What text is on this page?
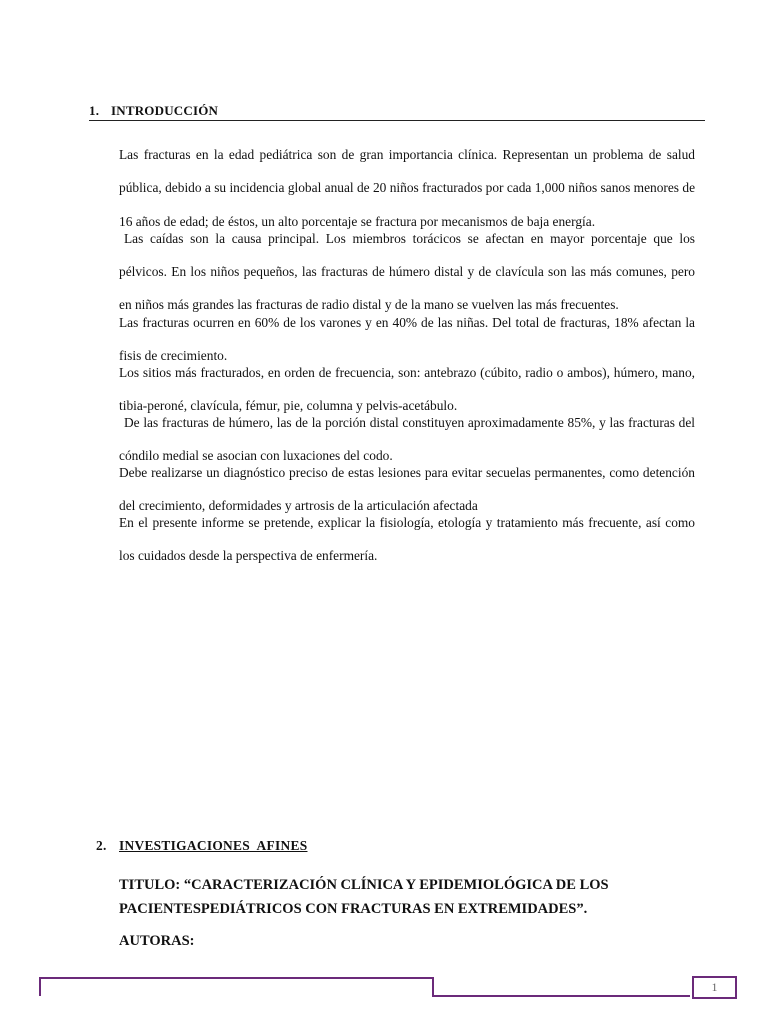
1. INTRODUCCIÓN

Las fracturas en la edad pediátrica son de gran importancia clínica. Representan un problema de salud pública, debido a su incidencia global anual de 20 niños fracturados por cada 1,000 niños sanos menores de 16 años de edad; de éstos, un alto porcentaje se fractura por mecanismos de baja energía.

Las caídas son la causa principal. Los miembros torácicos se afectan en mayor porcentaje que los pélvicos. En los niños pequeños, las fracturas de húmero distal y de clavícula son las más comunes, pero en niños más grandes las fracturas de radio distal y de la mano se vuelven las más frecuentes.

Las fracturas ocurren en 60% de los varones y en 40% de las niñas. Del total de fracturas, 18% afectan la fisis de crecimiento.

Los sitios más fracturados, en orden de frecuencia, son: antebrazo (cúbito, radio o ambos), húmero, mano, tibia-peroné, clavícula, fémur, pie, columna y pelvis-acetábulo.

De las fracturas de húmero, las de la porción distal constituyen aproximadamente 85%, y las fracturas del cóndilo medial se asocian con luxaciones del codo.

Debe realizarse un diagnóstico preciso de estas lesiones para evitar secuelas permanentes, como detención del crecimiento, deformidades y artrosis de la articulación afectada

En el presente informe se pretende, explicar la fisiología, etología y tratamiento más frecuente, así como los cuidados desde la perspectiva de enfermería.

2. INVESTIGACIONES  AFINES
TITULO: “CARACTERIZACIÓN CLÍNICA Y EPIDEMIOLÓGICA DE LOS PACIENTESPEDIÁTRICOS CON FRACTURAS EN EXTREMIDADES”.
AUTORAS:
1
